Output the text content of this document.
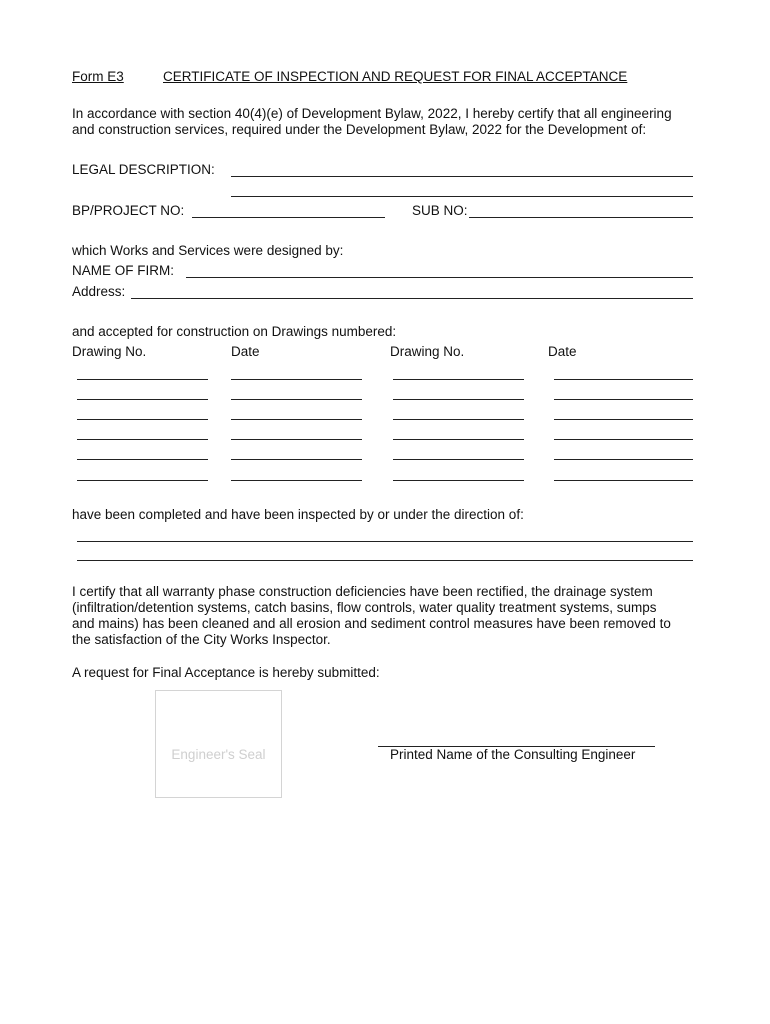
Form E3	CERTIFICATE OF INSPECTION AND REQUEST FOR FINAL ACCEPTANCE
In accordance with section 40(4)(e) of Development Bylaw, 2022, I hereby certify that all engineering
and construction services, required under the Development Bylaw, 2022 for the Development of:
LEGAL DESCRIPTION:
BP/PROJECT NO:	SUB NO:
which Works and Services were designed by:
NAME OF FIRM:
Address:
and accepted for construction on Drawings numbered:
Drawing No.	Date	Drawing No.	Date
have been completed and have been inspected by or under the direction of:
I certify that all warranty phase construction deficiencies have been rectified, the drainage system
(infiltration/detention systems, catch basins, flow controls, water quality treatment systems, sumps
and mains) has been cleaned and all erosion and sediment control measures have been removed to
the satisfaction of the City Works Inspector.
A request for Final Acceptance is hereby submitted:
Engineer's Seal	Printed Name of the Consulting Engineer
